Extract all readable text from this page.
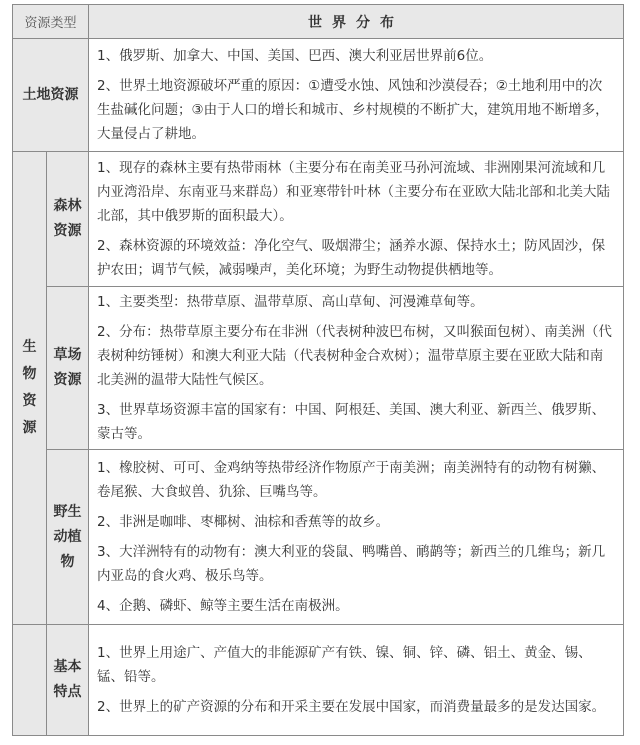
资源类型		世界分布
土地资源		1、俄罗斯、加拿大、中国、美国、巴西、澳大利亚居世界前6位。

2、世界土地资源破坏严重的原因：①遭受水蚀、风蚀和沙漠侵吞；②土地利用中的次生盐碱化问题；③由于人口的增长和城市、乡村规模的不断扩大，建筑用地不断增多，大量侵占了耕地。

生物资源	森林资源	1、现存的森林主要有热带雨林（主要分布在南美亚马孙河流域、非洲刚果河流域和几内亚湾沿岸、东南亚马来群岛）和亚寒带针叶林（主要分布在亚欧大陆北部和北美大陆北部，其中俄罗斯的面积最大）。

2、森林资源的环境效益：净化空气、吸烟滞尘；涵养水源、保持水土；防风固沙，保护农田；调节气候，减弱噪声，美化环境；为野生动物提供栖地等。

	草场资源	1、主要类型：热带草原、温带草原、高山草甸、河漫滩草甸等。

2、分布：热带草原主要分布在非洲（代表树种波巴布树，又叫猴面包树）、南美洲（代表树种纺锤树）和澳大利亚大陆（代表树种金合欢树）；温带草原主要在亚欧大陆和南北美洲的温带大陆性气候区。

3、世界草场资源丰富的国家有：中国、阿根廷、美国、澳大利亚、新西兰、俄罗斯、蒙古等。

	野生动植物	1、橡胶树、可可、金鸡纳等热带经济作物原产于南美洲；南美洲特有的动物有树獭、卷尾猴、大食蚁兽、犰狳、巨嘴鸟等。

2、非洲是咖啡、枣椰树、油棕和香蕉等的故乡。

3、大洋洲特有的动物有：澳大利亚的袋鼠、鸭嘴兽、鸸鹋等；新西兰的几维鸟；新几内亚岛的食火鸡、极乐鸟等。

4、企鹅、磷虾、鲸等主要生活在南极洲。

	基本特点	1、世界上用途广、产值大的非能源矿产有铁、镍、铜、锌、磷、铝土、黄金、锡、锰、铅等。

2、世界上的矿产资源的分布和开采主要在发展中国家，而消费量最多的是发达国家。
